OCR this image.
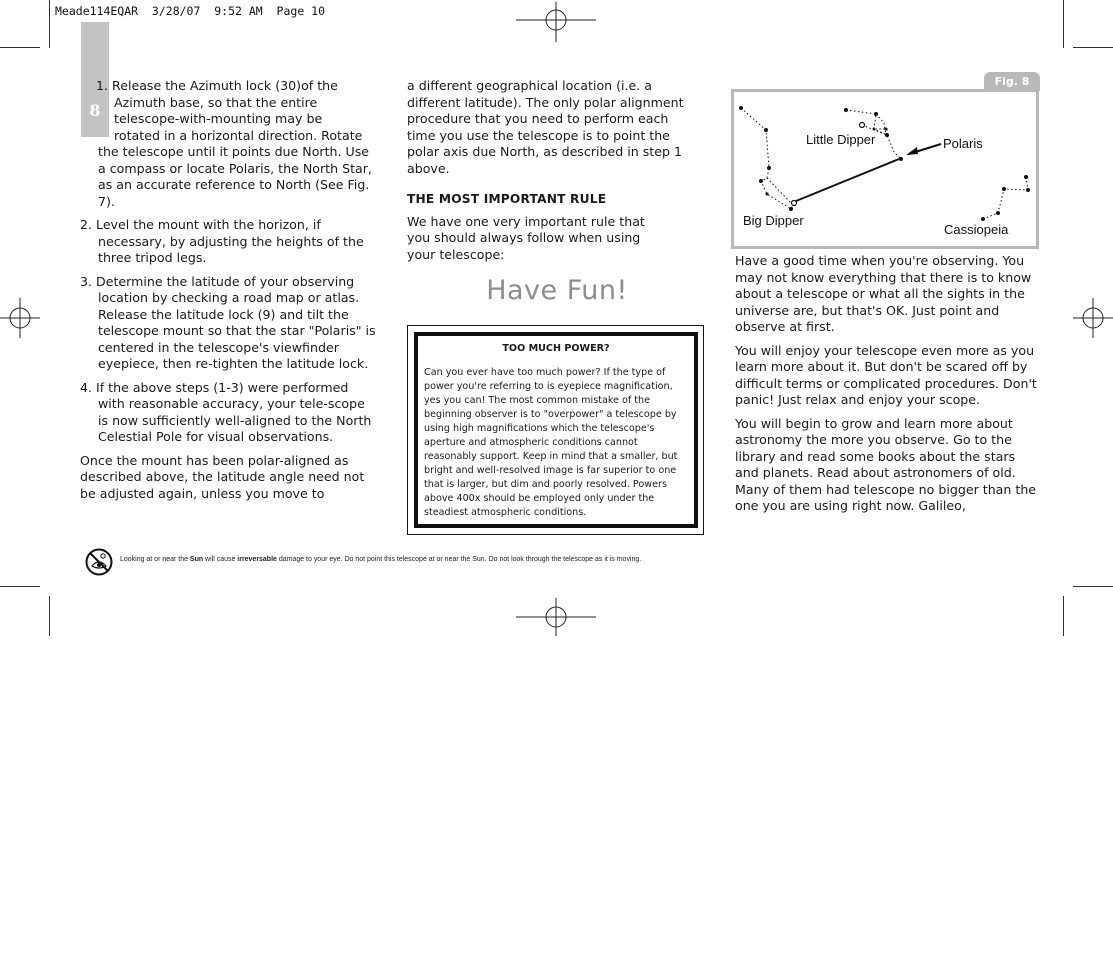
Meade114EQAR  3/28/07  9:52 AM  Page 10
8
1. Release the Azimuth lock (30)of the
Azimuth base, so that the entire
telescope-with-mounting may be
rotated in a horizontal direction. Rotate
the telescope until it points due North. Use a compass or locate Polaris, the North Star, as an accurate reference to North (See Fig. 7).
2. Level the mount with the horizon, if necessary, by adjusting the heights of the three tripod legs.
3. Determine the latitude of your observing location by checking a road map or atlas. Release the latitude lock (9) and tilt the telescope mount so that the star "Polaris" is centered in the telescope's viewfinder eyepiece, then re-tighten the latitude lock.
4. If the above steps (1-3) were performed with reasonable accuracy, your tele-scope is now sufficiently well-aligned to the North Celestial Pole for visual observations.

Once the mount has been polar-aligned as described above, the latitude angle need not be adjusted again, unless you move to

a different geographical location (i.e. a different latitude). The only polar alignment procedure that you need to perform each time you use the telescope is to point the polar axis due North, as described in step 1 above.

THE MOST IMPORTANT RULE

We have one very important rule that you should always follow when using your telescope:

Have Fun!
TOO MUCH POWER?
Can you ever have too much power? If the type of power you're referring to is eyepiece magnification, yes you can! The most common mistake of the beginning observer is to "overpower" a telescope by using high magnifications which the telescope's aperture and atmospheric conditions cannot reasonably support. Keep in mind that a smaller, but bright and well-resolved image is far superior to one that is larger, but dim and poorly resolved. Powers above 400x should be employed only under the steadiest atmospheric conditions.
Fig. 8
Little Dipper	Polaris
Big Dipper
Cassiopeia

Have a good time when you're observing. You may not know everything that there is to know about a telescope or what all the sights in the universe are, but that's OK. Just point and observe at first.

You will enjoy your telescope even more as you learn more about it. But don't be scared off by difficult terms or complicated procedures. Don't panic! Just relax and enjoy your scope.

You will begin to grow and learn more about astronomy the more you observe. Go to the library and read some books about the stars and planets. Read about astronomers of old. Many of them had telescope no bigger than the one you are using right now. Galileo,

Looking at or near the Sun will cause irreversable damage to your eye. Do not point this telescope at or near the Sun. Do not look through the telescope as it is moving.
